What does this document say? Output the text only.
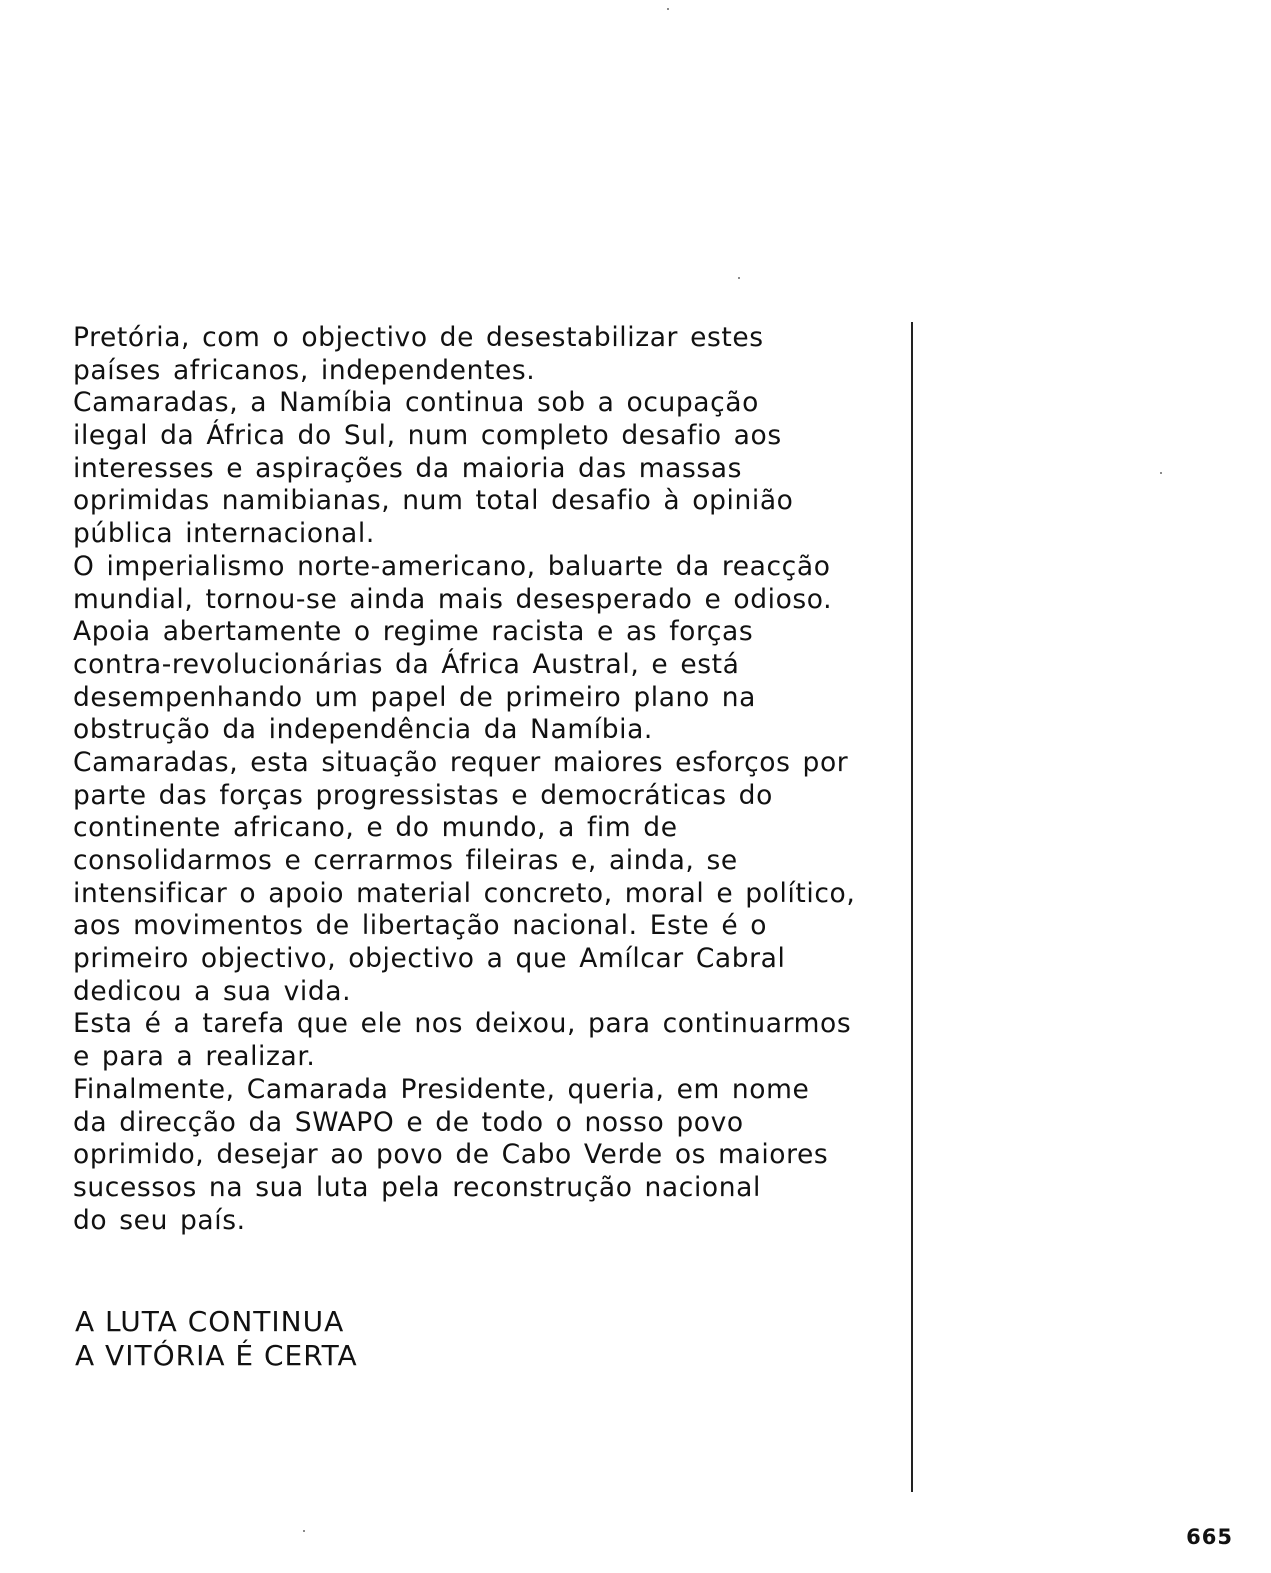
Pretória, com o objectivo de desestabilizar estes
países africanos, independentes.
Camaradas, a Namíbia continua sob a ocupação
ilegal da África do Sul, num completo desafio aos
interesses e aspirações da maioria das massas
oprimidas namibianas, num total desafio à opinião
pública internacional.
O imperialismo norte-americano, baluarte da reacção
mundial, tornou-se ainda mais desesperado e odioso.
Apoia abertamente o regime racista e as forças
contra-revolucionárias da África Austral, e está
desempenhando um papel de primeiro plano na
obstrução da independência da Namíbia.
Camaradas, esta situação requer maiores esforços por
parte das forças progressistas e democráticas do
continente africano, e do mundo, a fim de
consolidarmos e cerrarmos fileiras e, ainda, se
intensificar o apoio material concreto, moral e político,
aos movimentos de libertação nacional. Este é o
primeiro objectivo, objectivo a que Amílcar Cabral
dedicou a sua vida.
Esta é a tarefa que ele nos deixou, para continuarmos
e para a realizar.
Finalmente, Camarada Presidente, queria, em nome
da direcção da SWAPO e de todo o nosso povo
oprimido, desejar ao povo de Cabo Verde os maiores
sucessos na sua luta pela reconstrução nacional
do seu país.
A LUTA CONTINUA
A VITÓRIA É CERTA
665
